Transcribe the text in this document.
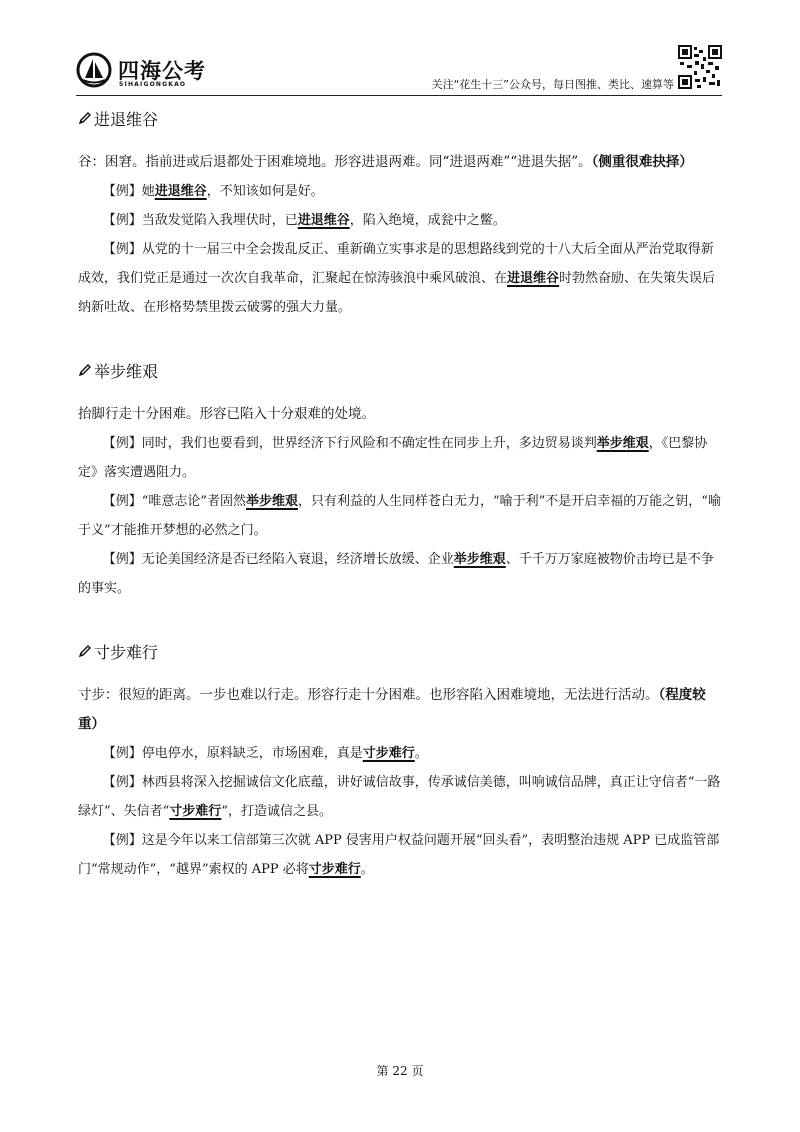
四海公考
SIHAIGONGKAO	关注“花生十三”公众号，每日图推、类比、速算等
进退维谷

谷：困窘。指前进或后退都处于困难境地。形容进退两难。同“进退两难”“进退失据”。（侧重很难抉择）

【例】她进退维谷，不知该如何是好。

【例】当敌发觉陷入我埋伏时，已进退维谷，陷入绝境，成瓮中之鳖。

【例】从党的十一届三中全会拨乱反正、重新确立实事求是的思想路线到党的十八大后全面从严治党取得新成效，我们党正是通过一次次自我革命，汇聚起在惊涛骇浪中乘风破浪、在进退维谷时勃然奋励、在失策失误后纳新吐故、在形格势禁里拨云破雾的强大力量。

举步维艰

抬脚行走十分困难。形容已陷入十分艰难的处境。

【例】同时，我们也要看到，世界经济下行风险和不确定性在同步上升，多边贸易谈判举步维艰，《巴黎协定》落实遭遇阻力。

【例】“唯意志论”者固然举步维艰，只有利益的人生同样苍白无力，“喻于利”不是开启幸福的万能之钥，“喻于义”才能推开梦想的必然之门。

【例】无论美国经济是否已经陷入衰退，经济增长放缓、企业举步维艰、千千万万家庭被物价击垮已是不争的事实。

寸步难行

寸步：很短的距离。一步也难以行走。形容行走十分困难。也形容陷入困难境地，无法进行活动。（程度较重）

【例】停电停水，原料缺乏，市场困难，真是寸步难行。

【例】林西县将深入挖掘诚信文化底蕴，讲好诚信故事，传承诚信美德，叫响诚信品牌，真正让守信者“一路绿灯”、失信者“寸步难行”，打造诚信之县。

【例】这是今年以来工信部第三次就 APP 侵害用户权益问题开展“回头看”，表明整治违规 APP 已成监管部门“常规动作”，“越界”索权的 APP 必将寸步难行。

第 22 页
